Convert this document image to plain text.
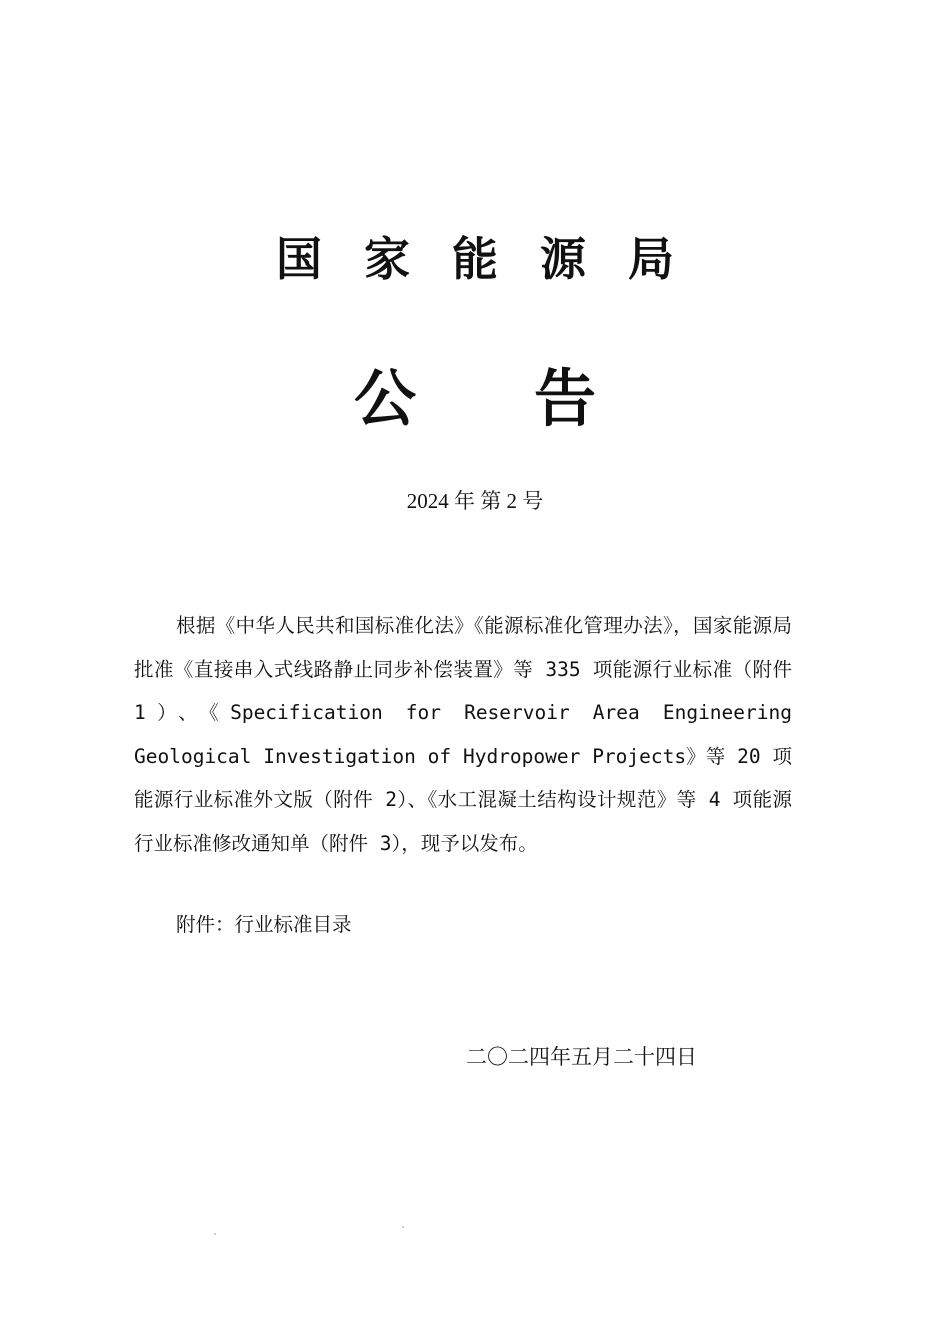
国家能源局
公告
2024 年 第 2 号

根据《中华人民共和国标准化法》《能源标准化管理办法》，国家能源局批准《直接串入式线路静止同步补偿装置》等 335 项能源行业标准（附件 1）、《Specification for Reservoir Area Engineering Geological Investigation of Hydropower Projects》等 20 项能源行业标准外文版（附件 2）、《水工混凝土结构设计规范》等 4 项能源行业标准修改通知单（附件 3），现予以发布。

附件：行业标准目录
二〇二四年五月二十四日
